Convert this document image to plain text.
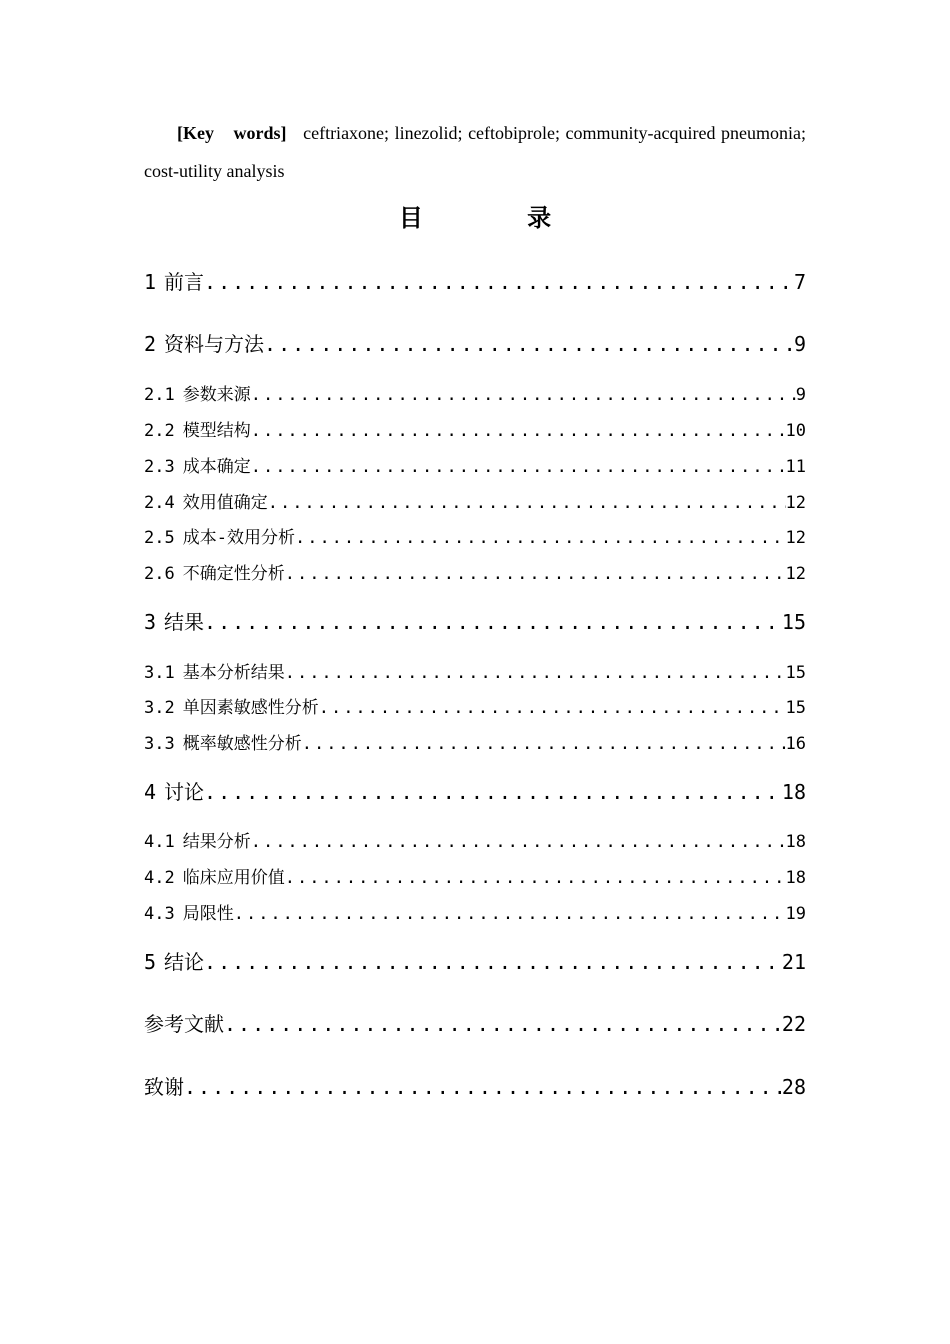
[Key words] ceftriaxone; linezolid; ceftobiprole; community-acquired pneumonia; cost-utility analysis
目 录
1 前言 .....	7
2 资料与方法 .....	9
2.1 参数来源 .....	9
2.2 模型结构 .....	10
2.3 成本确定 .....	11
2.4 效用值确定 .....	12
2.5 成本-效用分析 .....	12
2.6 不确定性分析 .....	12
3 结果 .....	15
3.1 基本分析结果 .....	15
3.2 单因素敏感性分析 .....	15
3.3 概率敏感性分析 .....	16
4 讨论 .....	18
4.1 结果分析 .....	18
4.2 临床应用价值 .....	18
4.3 局限性 .....	19
5 结论 .....	21
参考文献 .....	22
致谢 .....	28
